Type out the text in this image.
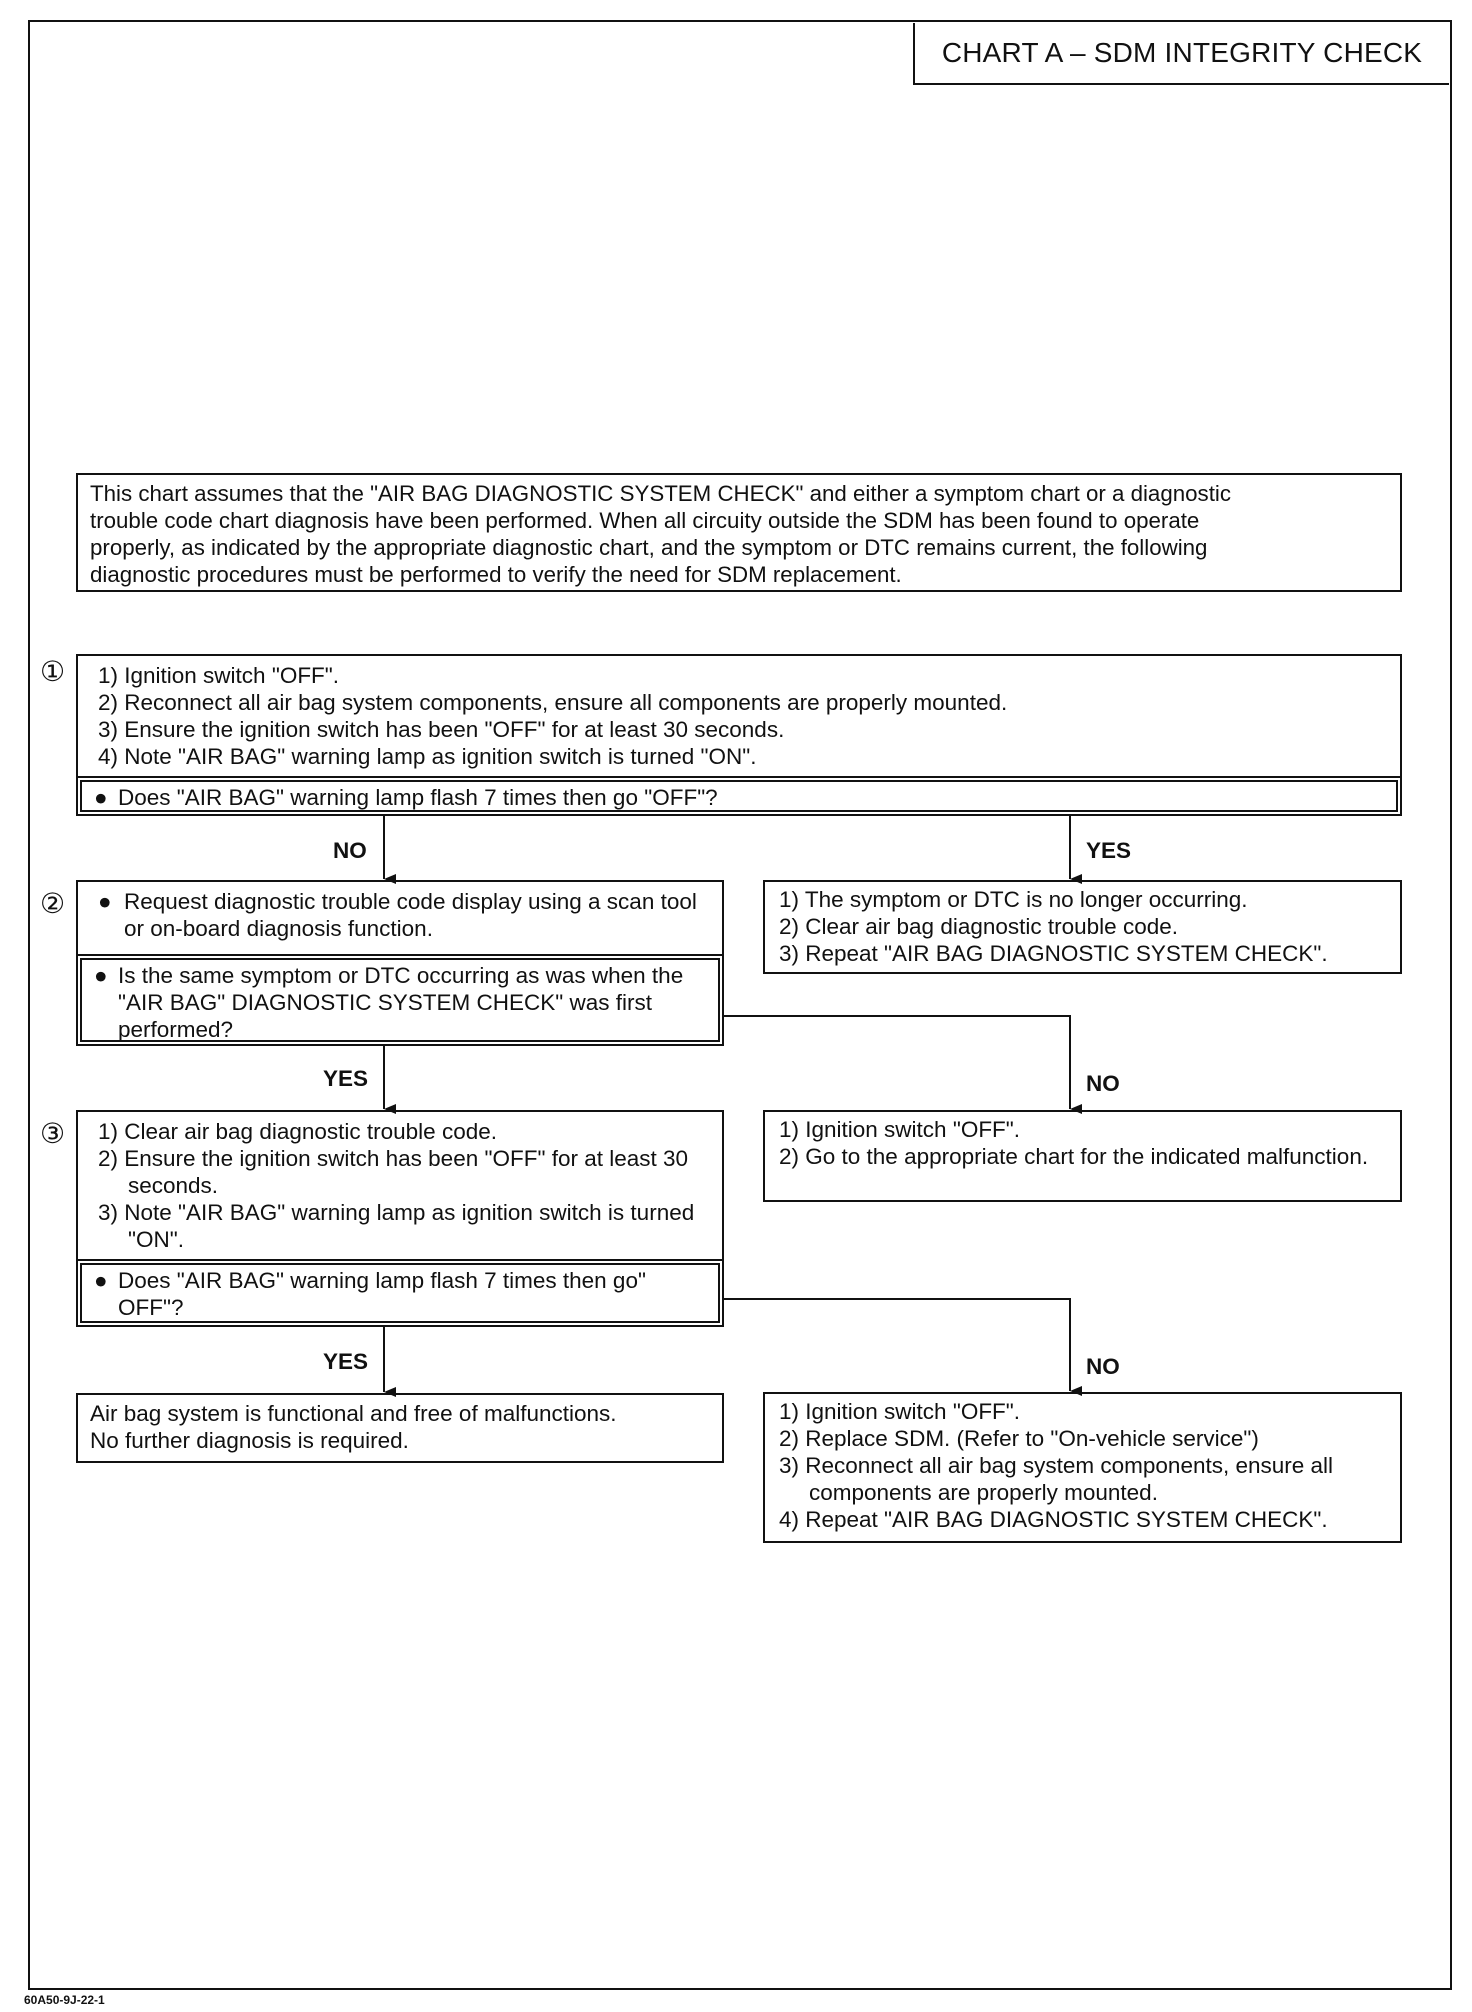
CHART A – SDM INTEGRITY CHECK

This chart assumes that the "AIR BAG DIAGNOSTIC SYSTEM CHECK" and either a symptom chart or a diagnostic

trouble code chart diagnosis have been performed. When all circuity outside the SDM has been found to operate

properly, as indicated by the appropriate diagnostic chart, and the symptom or DTC remains current, the following

diagnostic procedures must be performed to verify the need for SDM replacement.

① 1) Ignition switch "OFF".

2) Reconnect all air bag system components, ensure all components are properly mounted.

3) Ensure the ignition switch has been "OFF" for at least 30 seconds.

4) Note "AIR BAG" warning lamp as ignition switch is turned "ON".

● Does "AIR BAG" warning lamp flash 7 times then go "OFF"?
NO	YES

1) The symptom or DTC is no longer occurring.

2) Clear air bag diagnostic trouble code.

3) Repeat "AIR BAG DIAGNOSTIC SYSTEM CHECK".

② ● Request diagnostic trouble code display using a scan tool or on-board diagnosis function.
● Is the same symptom or DTC occurring as was when the "AIR BAG" DIAGNOSTIC SYSTEM CHECK" was first performed?
YES	NO

1) Ignition switch "OFF".

2) Go to the appropriate chart for the indicated malfunction.

③ 1) Clear air bag diagnostic trouble code.

2) Ensure the ignition switch has been "OFF" for at least 30 seconds.

3) Note "AIR BAG" warning lamp as ignition switch is turned "ON".

● Does "AIR BAG" warning lamp flash 7 times then go" OFF"?
YES	NO

Air bag system is functional and free of malfunctions.

No further diagnosis is required.

1) Ignition switch "OFF".

2) Replace SDM. (Refer to "On-vehicle service")

3) Reconnect all air bag system components, ensure all components are properly mounted.

4) Repeat "AIR BAG DIAGNOSTIC SYSTEM CHECK".

60A50-9J-22-1
